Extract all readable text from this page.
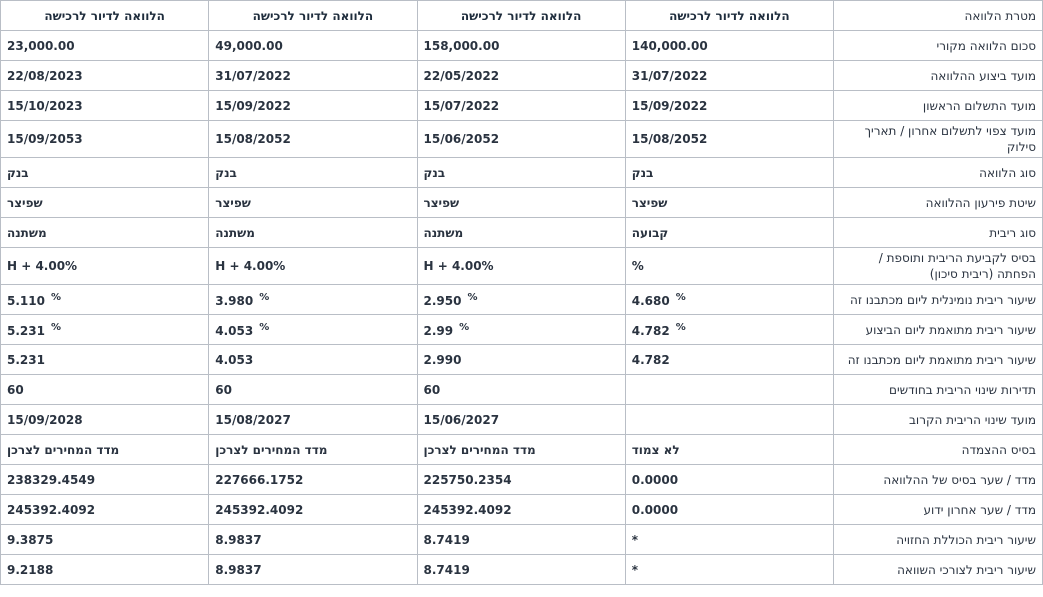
מטרת הלוואה	הלוואה לדיור לרכישה	הלוואה לדיור לרכישה	הלוואה לדיור לרכישה	הלוואה לדיור לרכישה
סכום הלוואה מקורי	140,000.00	158,000.00	49,000.00	23,000.00
מועד ביצוע ההלוואה	31/07/2022	22/05/2022	31/07/2022	22/08/2023
מועד התשלום הראשון	15/09/2022	15/07/2022	15/09/2022	15/10/2023
מועד צפוי לתשלום אחרון / תאריך סילוק	15/08/2052	15/06/2052	15/08/2052	15/09/2053
סוג הלוואה	בנק	בנק	בנק	בנק
שיטת פירעון ההלוואה	שפיצר	שפיצר	שפיצר	שפיצר
סוג ריבית	קבועה	משתנה	משתנה	משתנה
בסיס לקביעת הריבית ותוספת / הפחתה (ריבית סיכון)	%	H + 4.00%	H + 4.00%	H + 4.00%
שיעור ריבית נומינלית ליום מכתבנו זה	4.680 %	2.950 %	3.980 %	5.110 %
שיעור ריבית מתואמת ליום הביצוע	4.782 %	2.99 %	4.053 %	5.231 %
שיעור ריבית מתואמת ליום מכתבנו זה	4.782	2.990	4.053	5.231
תדירות שינוי הריבית בחודשים		60	60	60
מועד שינוי הריבית הקרוב		15/06/2027	15/08/2027	15/09/2028
בסיס ההצמדה	לא צמוד	מדד המחירים לצרכן	מדד המחירים לצרכן	מדד המחירים לצרכן
מדד / שער בסיס של ההלוואה	0.0000	225750.2354	227666.1752	238329.4549
מדד / שער אחרון ידוע	0.0000	245392.4092	245392.4092	245392.4092
שיעור ריבית הכוללת החזויה	*	8.7419	8.9837	9.3875
שיעור ריבית לצורכי השוואה	*	8.7419	8.9837	9.2188
